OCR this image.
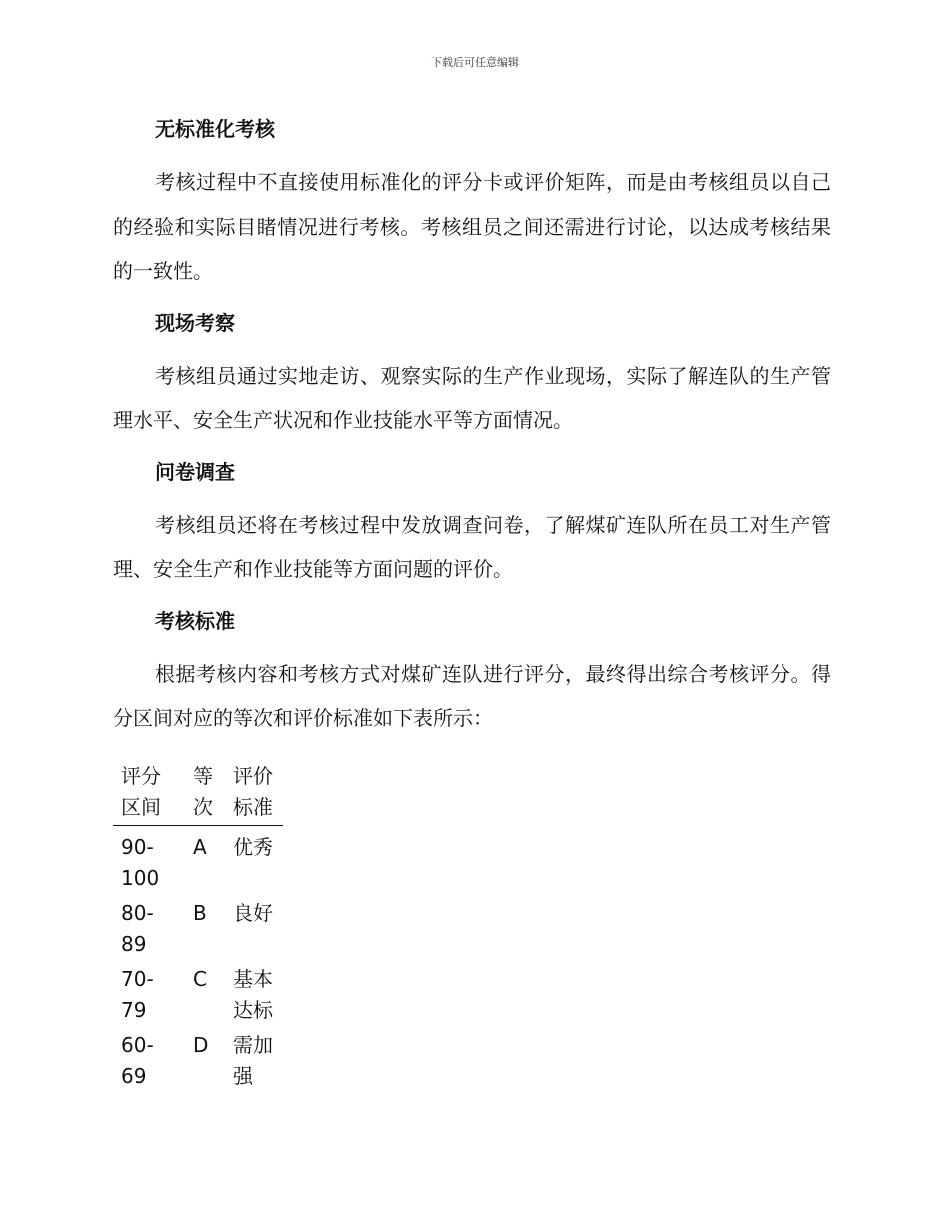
下载后可任意编辑
无标准化考核

考核过程中不直接使用标准化的评分卡或评价矩阵，而是由考核组员以自己的经验和实际目睹情况进行考核。考核组员之间还需进行讨论，以达成考核结果的一致性。

现场考察

考核组员通过实地走访、观察实际的生产作业现场，实际了解连队的生产管理水平、安全生产状况和作业技能水平等方面情况。

问卷调查

考核组员还将在考核过程中发放调查问卷，了解煤矿连队所在员工对生产管理、安全生产和作业技能等方面问题的评价。

考核标准

根据考核内容和考核方式对煤矿连队进行评分，最终得出综合考核评分。得分区间对应的等次和评价标准如下表所示：

评分区间	等次	评价标准
90-100	A	优秀
80-89	B	良好
70-79	C	基本达标
60-69	D	需加强
